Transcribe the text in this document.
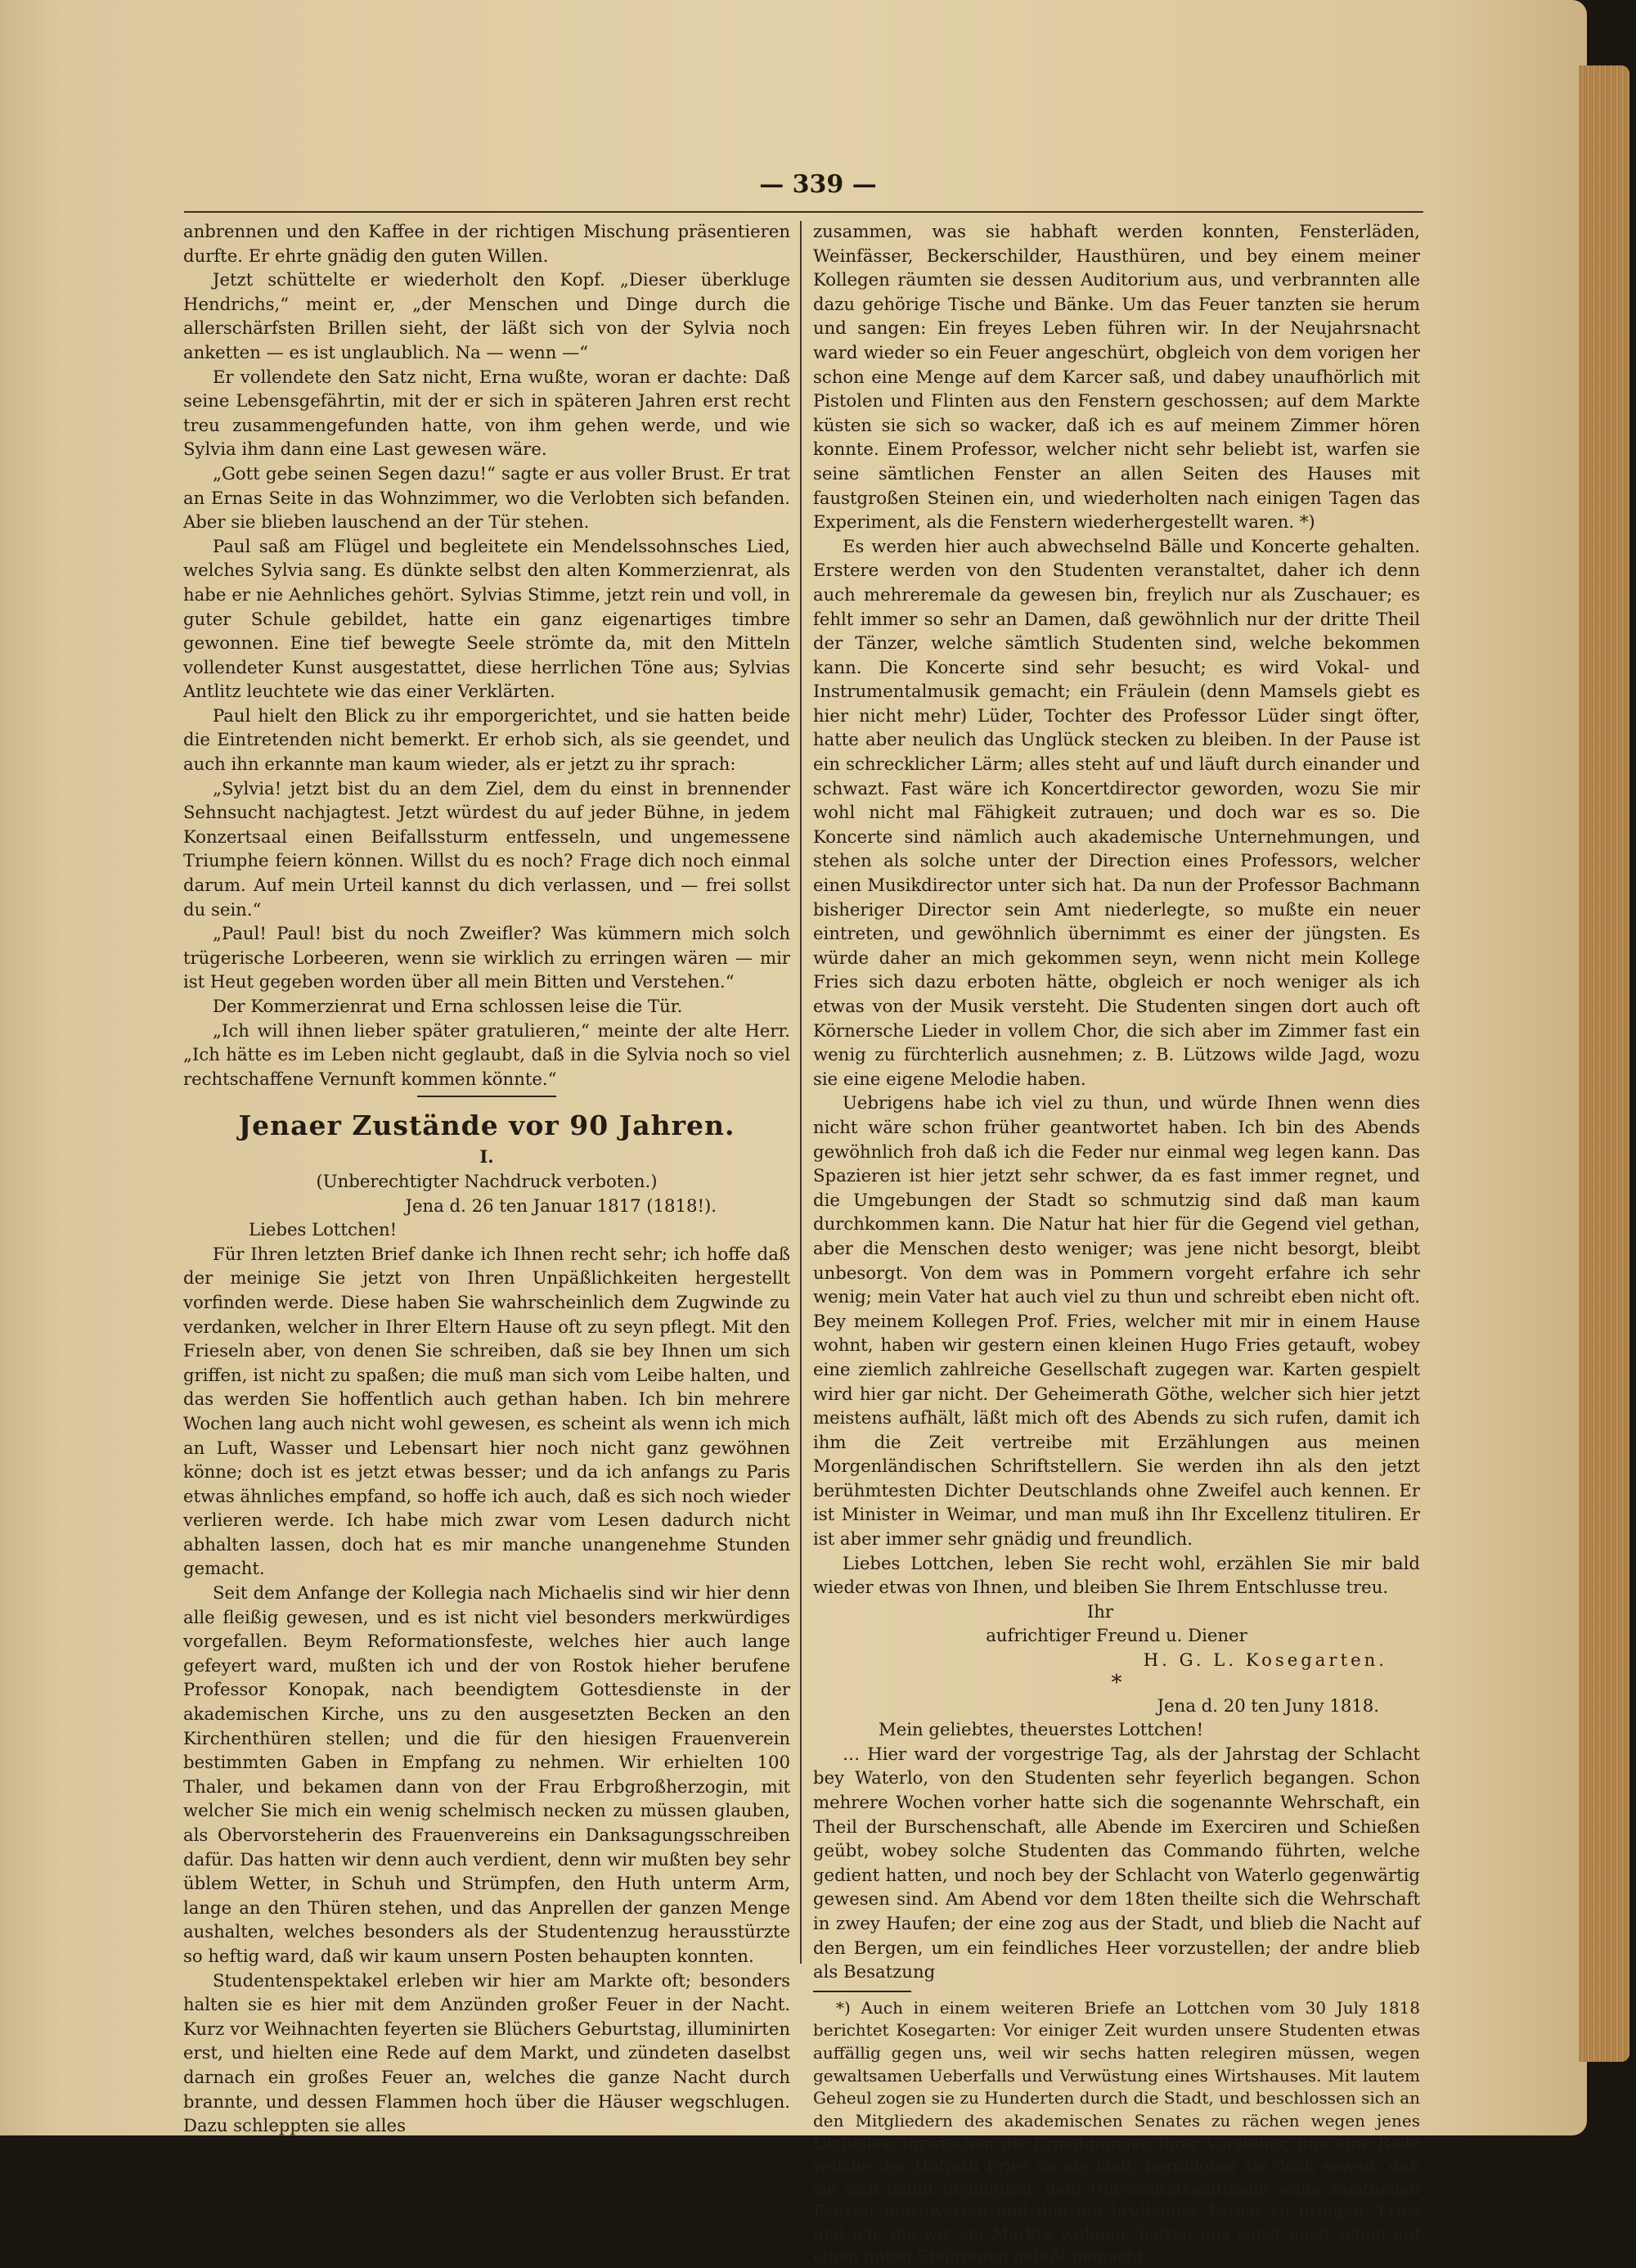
— 339 —

anbrennen und den Kaffee in der richtigen Mischung präsentieren durfte. Er ehrte gnädig den guten Willen.

Jetzt schüttelte er wiederholt den Kopf. „Dieser überkluge Hendrichs,“ meint er, „der Menschen und Dinge durch die allerschärfsten Brillen sieht, der läßt sich von der Sylvia noch anketten — es ist unglaublich. Na — wenn —“

Er vollendete den Satz nicht, Erna wußte, woran er dachte: Daß seine Lebensgefährtin, mit der er sich in späteren Jahren erst recht treu zusammengefunden hatte, von ihm gehen werde, und wie Sylvia ihm dann eine Last gewesen wäre.

„Gott gebe seinen Segen dazu!“ sagte er aus voller Brust. Er trat an Ernas Seite in das Wohnzimmer, wo die Verlobten sich befanden. Aber sie blieben lauschend an der Tür stehen.

Paul saß am Flügel und begleitete ein Mendelssohnsches Lied, welches Sylvia sang. Es dünkte selbst den alten Kommerzienrat, als habe er nie Aehnliches gehört. Sylvias Stimme, jetzt rein und voll, in guter Schule gebildet, hatte ein ganz eigenartiges timbre gewonnen. Eine tief bewegte Seele strömte da, mit den Mitteln vollendeter Kunst ausgestattet, diese herrlichen Töne aus; Sylvias Antlitz leuchtete wie das einer Verklärten.

Paul hielt den Blick zu ihr emporgerichtet, und sie hatten beide die Eintretenden nicht bemerkt. Er erhob sich, als sie geendet, und auch ihn erkannte man kaum wieder, als er jetzt zu ihr sprach:

„Sylvia! jetzt bist du an dem Ziel, dem du einst in brennender Sehnsucht nachjagtest. Jetzt würdest du auf jeder Bühne, in jedem Konzertsaal einen Beifallssturm entfesseln, und ungemessene Triumphe feiern können. Willst du es noch? Frage dich noch einmal darum. Auf mein Urteil kannst du dich verlassen, und — frei sollst du sein.“

„Paul! Paul! bist du noch Zweifler? Was kümmern mich solch trügerische Lorbeeren, wenn sie wirklich zu erringen wären — mir ist Heut gegeben worden über all mein Bitten und Verstehen.“

Der Kommerzienrat und Erna schlossen leise die Tür.

„Ich will ihnen lieber später gratulieren,“ meinte der alte Herr. „Ich hätte es im Leben nicht geglaubt, daß in die Sylvia noch so viel rechtschaffene Vernunft kommen könnte.“

Jenaer Zustände vor 90 Jahren.

I.

(Unberechtigter Nachdruck verboten.)

Jena d. 26 ten Januar 1817 (1818!).

Liebes Lottchen!

Für Ihren letzten Brief danke ich Ihnen recht sehr; ich hoffe daß der meinige Sie jetzt von Ihren Unpäßlichkeiten hergestellt vorfinden werde. Diese haben Sie wahrscheinlich dem Zugwinde zu verdanken, welcher in Ihrer Eltern Hause oft zu seyn pflegt. Mit den Frieseln aber, von denen Sie schreiben, daß sie bey Ihnen um sich griffen, ist nicht zu spaßen; die muß man sich vom Leibe halten, und das werden Sie hoffentlich auch gethan haben. Ich bin mehrere Wochen lang auch nicht wohl gewesen, es scheint als wenn ich mich an Luft, Wasser und Lebensart hier noch nicht ganz gewöhnen könne; doch ist es jetzt etwas besser; und da ich anfangs zu Paris etwas ähnliches empfand, so hoffe ich auch, daß es sich noch wieder verlieren werde. Ich habe mich zwar vom Lesen dadurch nicht abhalten lassen, doch hat es mir manche unangenehme Stunden gemacht.

Seit dem Anfange der Kollegia nach Michaelis sind wir hier denn alle fleißig gewesen, und es ist nicht viel besonders merkwürdiges vorgefallen. Beym Reformationsfeste, welches hier auch lange gefeyert ward, mußten ich und der von Rostok hieher berufene Professor Konopak, nach beendigtem Gottesdienste in der akademischen Kirche, uns zu den ausgesetzten Becken an den Kirchenthüren stellen; und die für den hiesigen Frauenverein bestimmten Gaben in Empfang zu nehmen. Wir erhielten 100 Thaler, und bekamen dann von der Frau Erbgroßherzogin, mit welcher Sie mich ein wenig schelmisch necken zu müssen glauben, als Obervorsteherin des Frauenvereins ein Danksagungsschreiben dafür. Das hatten wir denn auch verdient, denn wir mußten bey sehr üblem Wetter, in Schuh und Strümpfen, den Huth unterm Arm, lange an den Thüren stehen, und das Anprellen der ganzen Menge aushalten, welches besonders als der Studentenzug herausstürzte so heftig ward, daß wir kaum unsern Posten behaupten konnten.

Studentenspektakel erleben wir hier am Markte oft; besonders halten sie es hier mit dem Anzünden großer Feuer in der Nacht. Kurz vor Weihnachten feyerten sie Blüchers Geburtstag, illuminirten erst, und hielten eine Rede auf dem Markt, und zündeten daselbst darnach ein großes Feuer an, welches die ganze Nacht durch brannte, und dessen Flammen hoch über die Häuser wegschlugen. Dazu schleppten sie alles

zusammen, was sie habhaft werden konnten, Fensterläden, Weinfässer, Beckerschilder, Hausthüren, und bey einem meiner Kollegen räumten sie dessen Auditorium aus, und verbrannten alle dazu gehörige Tische und Bänke. Um das Feuer tanzten sie herum und sangen: Ein freyes Leben führen wir. In der Neujahrsnacht ward wieder so ein Feuer angeschürt, obgleich von dem vorigen her schon eine Menge auf dem Karcer saß, und dabey unaufhörlich mit Pistolen und Flinten aus den Fenstern geschossen; auf dem Markte küsten sie sich so wacker, daß ich es auf meinem Zimmer hören konnte. Einem Professor, welcher nicht sehr beliebt ist, warfen sie seine sämtlichen Fenster an allen Seiten des Hauses mit faustgroßen Steinen ein, und wiederholten nach einigen Tagen das Experiment, als die Fenstern wiederhergestellt waren. *)

Es werden hier auch abwechselnd Bälle und Koncerte gehalten. Erstere werden von den Studenten veranstaltet, daher ich denn auch mehreremale da gewesen bin, freylich nur als Zuschauer; es fehlt immer so sehr an Damen, daß gewöhnlich nur der dritte Theil der Tänzer, welche sämtlich Studenten sind, welche bekommen kann. Die Koncerte sind sehr besucht; es wird Vokal- und Instrumentalmusik gemacht; ein Fräulein (denn Mamsels giebt es hier nicht mehr) Lüder, Tochter des Professor Lüder singt öfter, hatte aber neulich das Unglück stecken zu bleiben. In der Pause ist ein schrecklicher Lärm; alles steht auf und läuft durch einander und schwazt. Fast wäre ich Koncertdirector geworden, wozu Sie mir wohl nicht mal Fähigkeit zutrauen; und doch war es so. Die Koncerte sind nämlich auch akademische Unternehmungen, und stehen als solche unter der Direction eines Professors, welcher einen Musikdirector unter sich hat. Da nun der Professor Bachmann bisheriger Director sein Amt niederlegte, so mußte ein neuer eintreten, und gewöhnlich übernimmt es einer der jüngsten. Es würde daher an mich gekommen seyn, wenn nicht mein Kollege Fries sich dazu erboten hätte, obgleich er noch weniger als ich etwas von der Musik versteht. Die Studenten singen dort auch oft Körnersche Lieder in vollem Chor, die sich aber im Zimmer fast ein wenig zu fürchterlich ausnehmen; z. B. Lützows wilde Jagd, wozu sie eine eigene Melodie haben.

Uebrigens habe ich viel zu thun, und würde Ihnen wenn dies nicht wäre schon früher geantwortet haben. Ich bin des Abends gewöhnlich froh daß ich die Feder nur einmal weg legen kann. Das Spazieren ist hier jetzt sehr schwer, da es fast immer regnet, und die Umgebungen der Stadt so schmutzig sind daß man kaum durchkommen kann. Die Natur hat hier für die Gegend viel gethan, aber die Menschen desto weniger; was jene nicht besorgt, bleibt unbesorgt. Von dem was in Pommern vorgeht erfahre ich sehr wenig; mein Vater hat auch viel zu thun und schreibt eben nicht oft. Bey meinem Kollegen Prof. Fries, welcher mit mir in einem Hause wohnt, haben wir gestern einen kleinen Hugo Fries getauft, wobey eine ziemlich zahlreiche Gesellschaft zugegen war. Karten gespielt wird hier gar nicht. Der Geheimerath Göthe, welcher sich hier jetzt meistens aufhält, läßt mich oft des Abends zu sich rufen, damit ich ihm die Zeit vertreibe mit Erzählungen aus meinen Morgenländischen Schriftstellern. Sie werden ihn als den jetzt berühmtesten Dichter Deutschlands ohne Zweifel auch kennen. Er ist Minister in Weimar, und man muß ihn Ihr Excellenz tituliren. Er ist aber immer sehr gnädig und freundlich.

Liebes Lottchen, leben Sie recht wohl, erzählen Sie mir bald wieder etwas von Ihnen, und bleiben Sie Ihrem Entschlusse treu.

Ihr

aufrichtiger Freund u. Diener

H. G. L. Kosegarten.

*

Jena d. 20 ten Juny 1818.

Mein geliebtes, theuerstes Lottchen!

… Hier ward der vorgestrige Tag, als der Jahrstag der Schlacht bey Waterlo, von den Studenten sehr feyerlich begangen. Schon mehrere Wochen vorher hatte sich die sogenannte Wehrschaft, ein Theil der Burschenschaft, alle Abende im Exerciren und Schießen geübt, wobey solche Studenten das Commando führten, welche gedient hatten, und noch bey der Schlacht von Waterlo gegenwärtig gewesen sind. Am Abend vor dem 18ten theilte sich die Wehrschaft in zwey Haufen; der eine zog aus der Stadt, und blieb die Nacht auf den Bergen, um ein feindliches Heer vorzustellen; der andre blieb als Besatzung

*) Auch in einem weiteren Briefe an Lottchen vom 30 July 1818 berichtet Kosegarten: Vor einiger Zeit wurden unsere Studenten etwas auffällig gegen uns, weil wir sechs hatten relegiren müssen, wegen gewaltsamen Ueberfalls und Verwüstung eines Wirtshauses. Mit lautem Geheul zogen sie zu Hunderten durch die Stadt, und beschlossen sich an den Mitgliedern des akademischen Senates zu rächen wegen jenes Urtheiles; inzwischen die Ermahnungen ihrer Vorsteher, und eine Rede welche der Hofrath Fries an sie hielt, beruhigten sie doch soweit, daß sie sich damit begnügten, dem Universitätsamtmann seine sämtlichen Fenster einzuwerfen und ihm ein brüllendes Pereat zu bringen. Fries und ich, die wir am Markte wohnen, hatten uns sonst auch schon auf einen guten Steinregen gefaßt gemacht.
